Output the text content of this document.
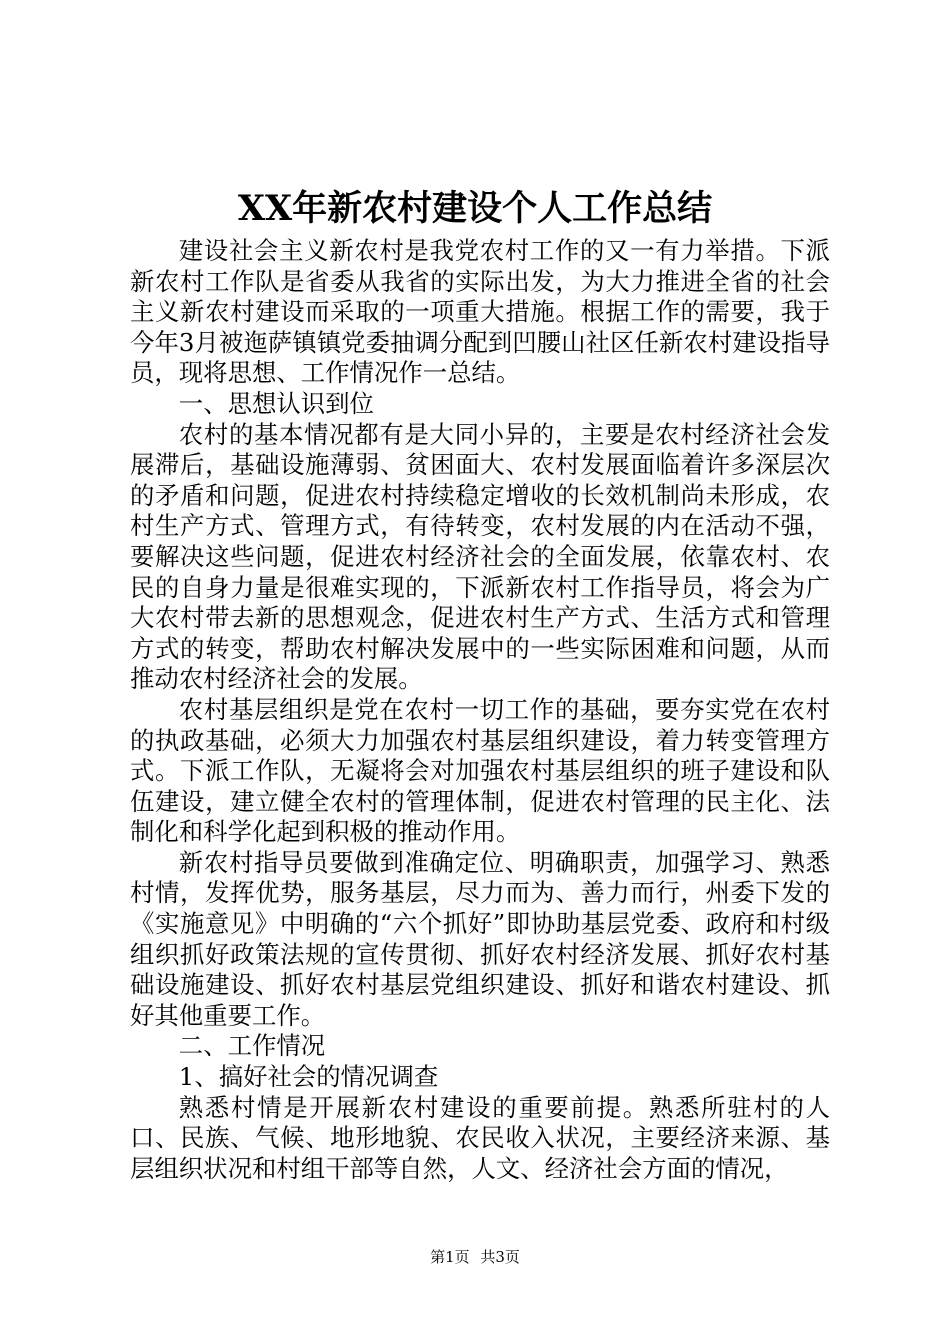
XX年新农村建设个人工作总结

建设社会主义新农村是我党农村工作的又一有力举措。下派新农村工作队是省委从我省的实际出发，为大力推进全省的社会主义新农村建设而采取的一项重大措施。根据工作的需要，我于今年3月被迤萨镇镇党委抽调分配到凹腰山社区任新农村建设指导员，现将思想、工作情况作一总结。

一、思想认识到位

农村的基本情况都有是大同小异的，主要是农村经济社会发展滞后，基础设施薄弱、贫困面大、农村发展面临着许多深层次的矛盾和问题，促进农村持续稳定增收的长效机制尚未形成，农村生产方式、管理方式，有待转变，农村发展的内在活动不强，要解决这些问题，促进农村经济社会的全面发展，依靠农村、农民的自身力量是很难实现的，下派新农村工作指导员，将会为广大农村带去新的思想观念，促进农村生产方式、生活方式和管理方式的转变，帮助农村解决发展中的一些实际困难和问题，从而推动农村经济社会的发展。

农村基层组织是党在农村一切工作的基础，要夯实党在农村的执政基础，必须大力加强农村基层组织建设，着力转变管理方式。下派工作队，无凝将会对加强农村基层组织的班子建设和队伍建设，建立健全农村的管理体制，促进农村管理的民主化、法制化和科学化起到积极的推动作用。

新农村指导员要做到准确定位、明确职责，加强学习、熟悉村情，发挥优势，服务基层，尽力而为、善力而行，州委下发的《实施意见》中明确的“六个抓好”即协助基层党委、政府和村级组织抓好政策法规的宣传贯彻、抓好农村经济发展、抓好农村基础设施建设、抓好农村基层党组织建设、抓好和谐农村建设、抓好其他重要工作。

二、工作情况

1、搞好社会的情况调查

熟悉村情是开展新农村建设的重要前提。熟悉所驻村的人口、民族、气候、地形地貌、农民收入状况，主要经济来源、基层组织状况和村组干部等自然，人文、经济社会方面的情况，

第1页 共3页
